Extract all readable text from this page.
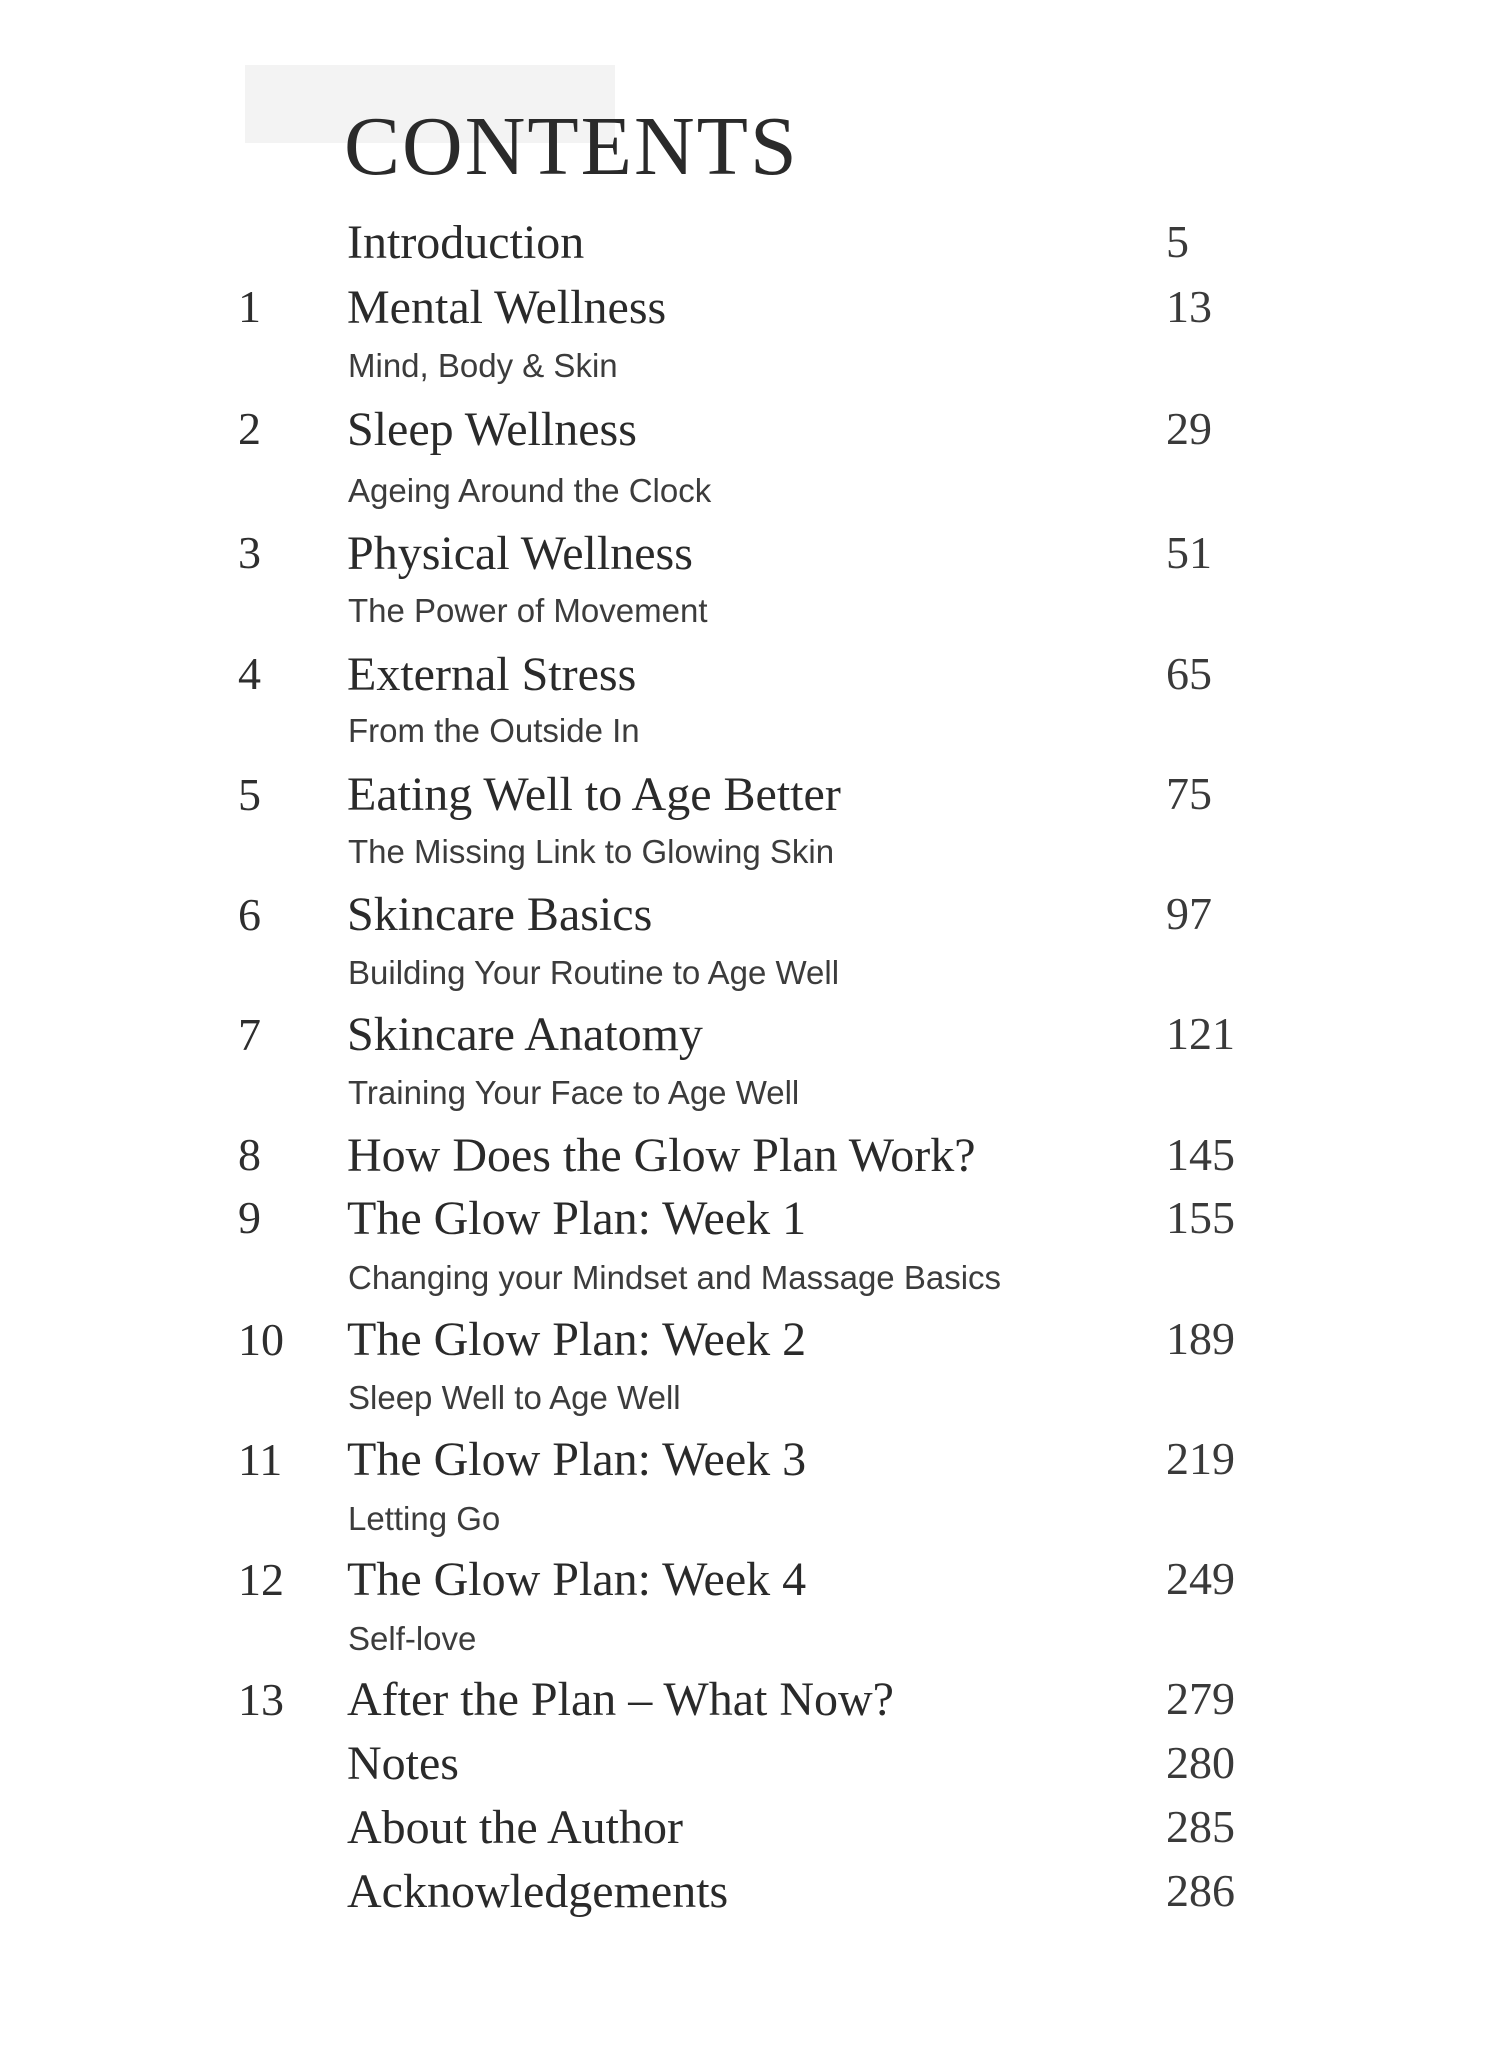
CONTENTS
Introduction	5
1 Mental Wellness	13
Mind, Body & Skin
2 Sleep Wellness	29
Ageing Around the Clock
3 Physical Wellness	51
The Power of Movement
4 External Stress	65
From the Outside In
5 Eating Well to Age Better	75
The Missing Link to Glowing Skin
6 Skincare Basics	97
Building Your Routine to Age Well
7 Skincare Anatomy	121
Training Your Face to Age Well
8 How Does the Glow Plan Work?	145
9 The Glow Plan: Week 1	155
Changing your Mindset and Massage Basics
10 The Glow Plan: Week 2	189
Sleep Well to Age Well
11 The Glow Plan: Week 3	219
Letting Go
12 The Glow Plan: Week 4	249
Self-love
13 After the Plan – What Now?	279
Notes	280
About the Author	285
Acknowledgements	286
